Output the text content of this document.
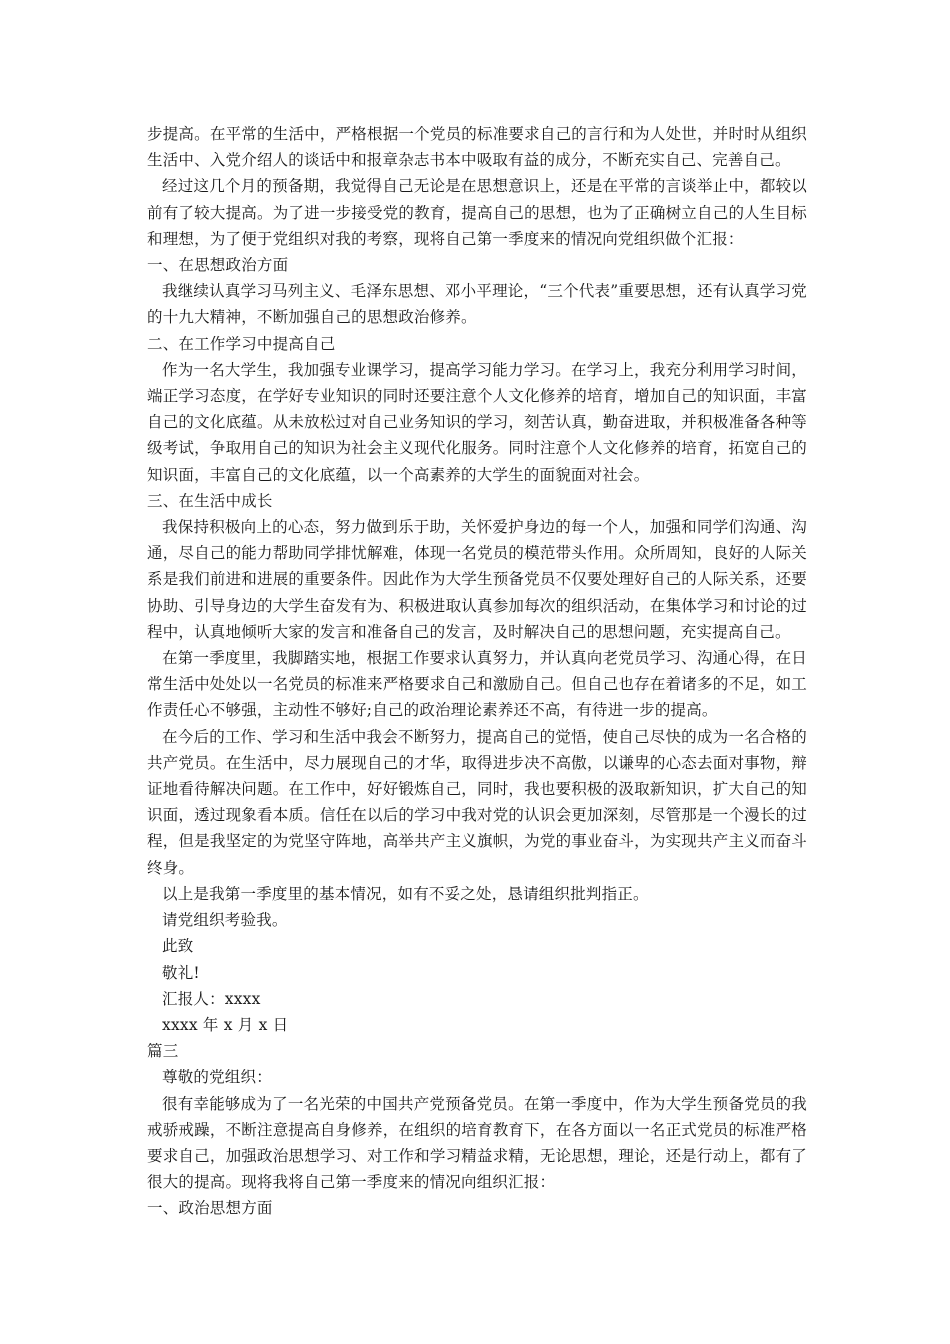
步提高。在平常的生活中，严格根据一个党员的标准要求自己的言行和为人处世，并时时从组织生活中、入党介绍人的谈话中和报章杂志书本中吸取有益的成分，不断充实自己、完善自己。

经过这几个月的预备期，我觉得自己无论是在思想意识上，还是在平常的言谈举止中，都较以前有了较大提高。为了进一步接受党的教育，提高自己的思想，也为了正确树立自己的人生目标和理想，为了便于党组织对我的考察，现将自己第一季度来的情况向党组织做个汇报：

一、在思想政治方面

我继续认真学习马列主义、毛泽东思想、邓小平理论，“三个代表”重要思想，还有认真学习党的十九大精神，不断加强自己的思想政治修养。

二、在工作学习中提高自己

作为一名大学生，我加强专业课学习，提高学习能力学习。在学习上，我充分利用学习时间，端正学习态度，在学好专业知识的同时还要注意个人文化修养的培育，增加自己的知识面，丰富自己的文化底蕴。从未放松过对自己业务知识的学习，刻苦认真，勤奋进取，并积极准备各种等级考试，争取用自己的知识为社会主义现代化服务。同时注意个人文化修养的培育，拓宽自己的知识面，丰富自己的文化底蕴，以一个高素养的大学生的面貌面对社会。

三、在生活中成长

我保持积极向上的心态，努力做到乐于助，关怀爱护身边的每一个人，加强和同学们沟通、沟通，尽自己的能力帮助同学排忧解难，体现一名党员的模范带头作用。众所周知，良好的人际关系是我们前进和进展的重要条件。因此作为大学生预备党员不仅要处理好自己的人际关系，还要协助、引导身边的大学生奋发有为、积极进取认真参加每次的组织活动，在集体学习和讨论的过程中，认真地倾听大家的发言和准备自己的发言，及时解决自己的思想问题，充实提高自己。

在第一季度里，我脚踏实地，根据工作要求认真努力，并认真向老党员学习、沟通心得，在日常生活中处处以一名党员的标准来严格要求自己和激励自己。但自己也存在着诸多的不足，如工作责任心不够强，主动性不够好;自己的政治理论素养还不高，有待进一步的提高。

在今后的工作、学习和生活中我会不断努力，提高自己的觉悟，使自己尽快的成为一名合格的共产党员。在生活中，尽力展现自己的才华，取得进步决不高傲，以谦卑的心态去面对事物，辩证地看待解决问题。在工作中，好好锻炼自己，同时，我也要积极的汲取新知识，扩大自己的知识面，透过现象看本质。信任在以后的学习中我对党的认识会更加深刻，尽管那是一个漫长的过程，但是我坚定的为党坚守阵地，高举共产主义旗帜，为党的事业奋斗，为实现共产主义而奋斗终身。

以上是我第一季度里的基本情况，如有不妥之处，恳请组织批判指正。

请党组织考验我。

此致

敬礼!

汇报人：xxxx

xxxx 年 x 月 x 日

篇三

尊敬的党组织：

很有幸能够成为了一名光荣的中国共产党预备党员。在第一季度中，作为大学生预备党员的我戒骄戒躁，不断注意提高自身修养，在组织的培育教育下，在各方面以一名正式党员的标准严格要求自己，加强政治思想学习、对工作和学习精益求精，无论思想，理论，还是行动上，都有了很大的提高。现将我将自己第一季度来的情况向组织汇报：

一、政治思想方面
